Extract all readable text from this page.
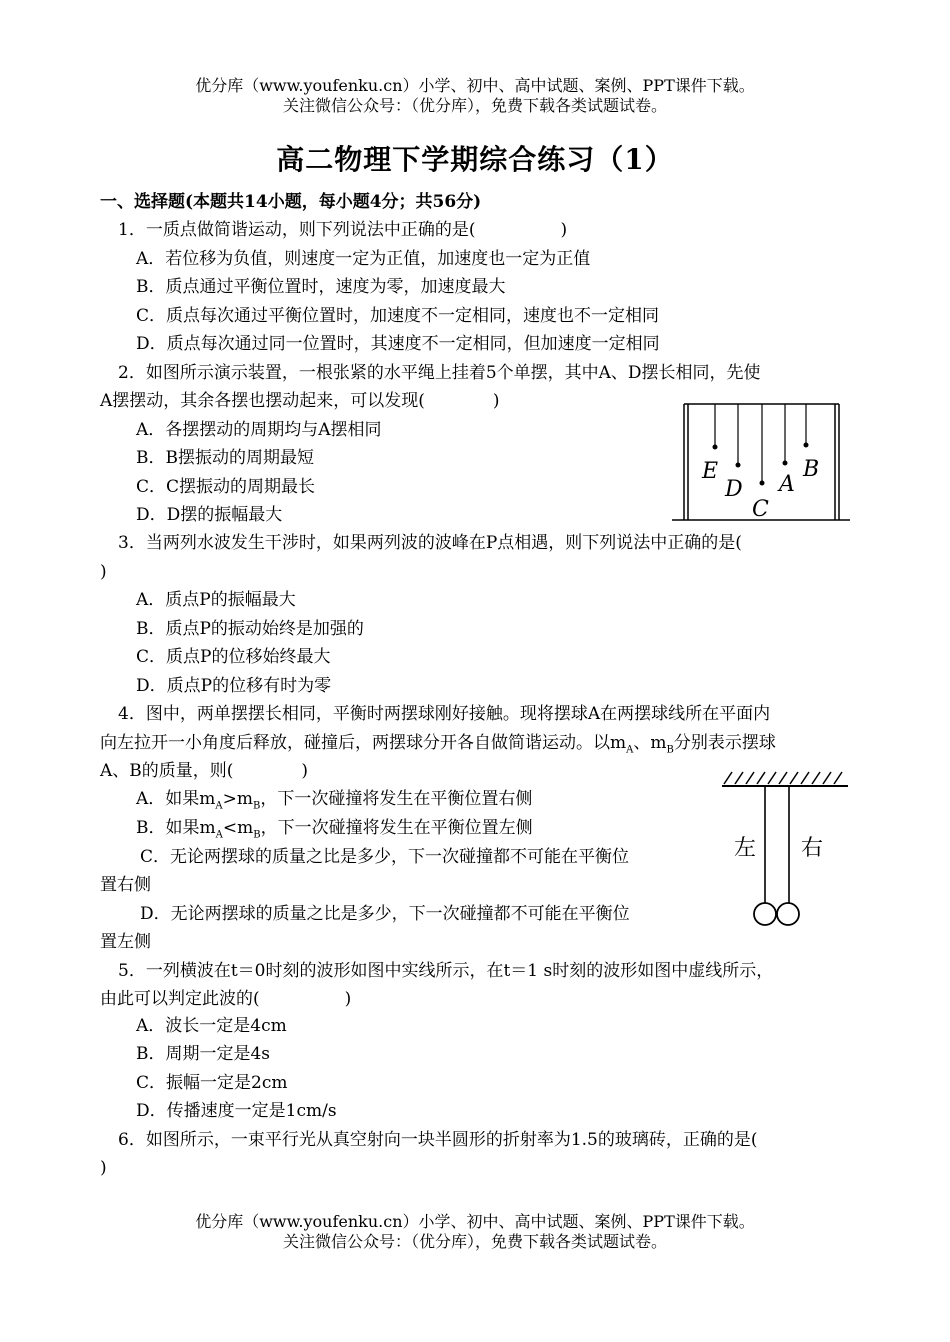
优分库（www.youfenku.cn）小学、初中、高中试题、案例、PPT课件下载。
关注微信公众号：（优分库），免费下载各类试题试卷。
高二物理下学期综合练习（1）
一、选择题(本题共14小题，每小题4分；共56分)
1．一质点做简谐运动，则下列说法中正确的是(　　　　　)
A．若位移为负值，则速度一定为正值，加速度也一定为正值
B．质点通过平衡位置时，速度为零，加速度最大
C．质点每次通过平衡位置时，加速度不一定相同，速度也不一定相同
D．质点每次通过同一位置时，其速度不一定相同，但加速度一定相同
2．如图所示演示装置，一根张紧的水平绳上挂着5个单摆，其中A、D摆长相同，先使
A摆摆动，其余各摆也摆动起来，可以发现(　　　　)
A．各摆摆动的周期均与A摆相同
B．B摆振动的周期最短
C．C摆振动的周期最长
D．D摆的振幅最大
E
D
C
A
B
3．当两列水波发生干涉时，如果两列波的波峰在P点相遇，则下列说法中正确的是(
)
A．质点P的振幅最大
B．质点P的振动始终是加强的
C．质点P的位移始终最大
D．质点P的位移有时为零
4．图中，两单摆摆长相同，平衡时两摆球刚好接触。现将摆球A在两摆球线所在平面内
向左拉开一小角度后释放，碰撞后，两摆球分开各自做简谐运动。以$m_A$、$m_B$分别表示摆球
A、B的质量，则(　　　　)
A．如果$m_A>m_B$，下一次碰撞将发生在平衡位置右侧
B．如果$m_A<m_B$，下一次碰撞将发生在平衡位置左侧
C．无论两摆球的质量之比是多少，下一次碰撞都不可能在平衡位
置右侧
D．无论两摆球的质量之比是多少，下一次碰撞都不可能在平衡位
置左侧
左 右
5．一列横波在t＝0时刻的波形如图中实线所示，在t＝1 s时刻的波形如图中虚线所示，
由此可以判定此波的(　　　　　)
A．波长一定是4cm
B．周期一定是4s
C．振幅一定是2cm
D．传播速度一定是1cm/s
6．如图所示，一束平行光从真空射向一块半圆形的折射率为1.5的玻璃砖，正确的是(
)
优分库（www.youfenku.cn）小学、初中、高中试题、案例、PPT课件下载。
关注微信公众号：（优分库），免费下载各类试题试卷。
